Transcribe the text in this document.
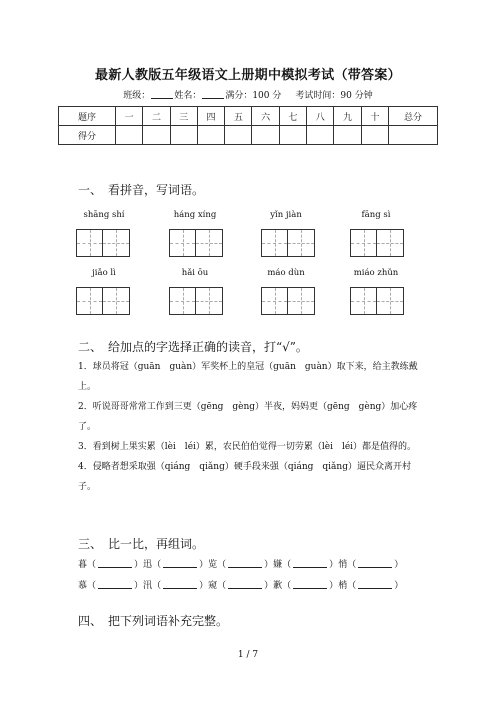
最新人教版五年级语文上册期中模拟考试（带答案）
班级：	姓名：	满分：100 分 考试时间：90 分钟
题序	一	二	三	四	五	六	七	八	九	十	总分
得分											
一、 看拼音，写词语。
shāng shí	háng xíng	yǐn jiàn	fāng sì
jiǎo lì	hǎi ōu	máo dùn	miáo zhǔn
二、 给加点的字选择正确的读音，打“√”。

1．球员将冠（guān　guàn）军奖杯上的皇冠（guān　guàn）取下来，给主教练戴上。

2．听说哥哥常常工作到三更（gēng　gèng）半夜，妈妈更（gēng　gèng）加心疼了。

3．看到树上果实累（lèi　léi）累，农民伯伯觉得一切劳累（lèi　léi）都是值得的。

4．侵略者想采取强（qiáng　qiǎng）硬手段来强（qiáng　qiǎng）逼民众离开村子。

三、 比一比，再组词。
暮（	）迅（	）览（	）嫌（	）悄（	）
慕（	）汛（	）窥（	）歉（	）梢（	）
四、 把下列词语补充完整。
1 / 7
